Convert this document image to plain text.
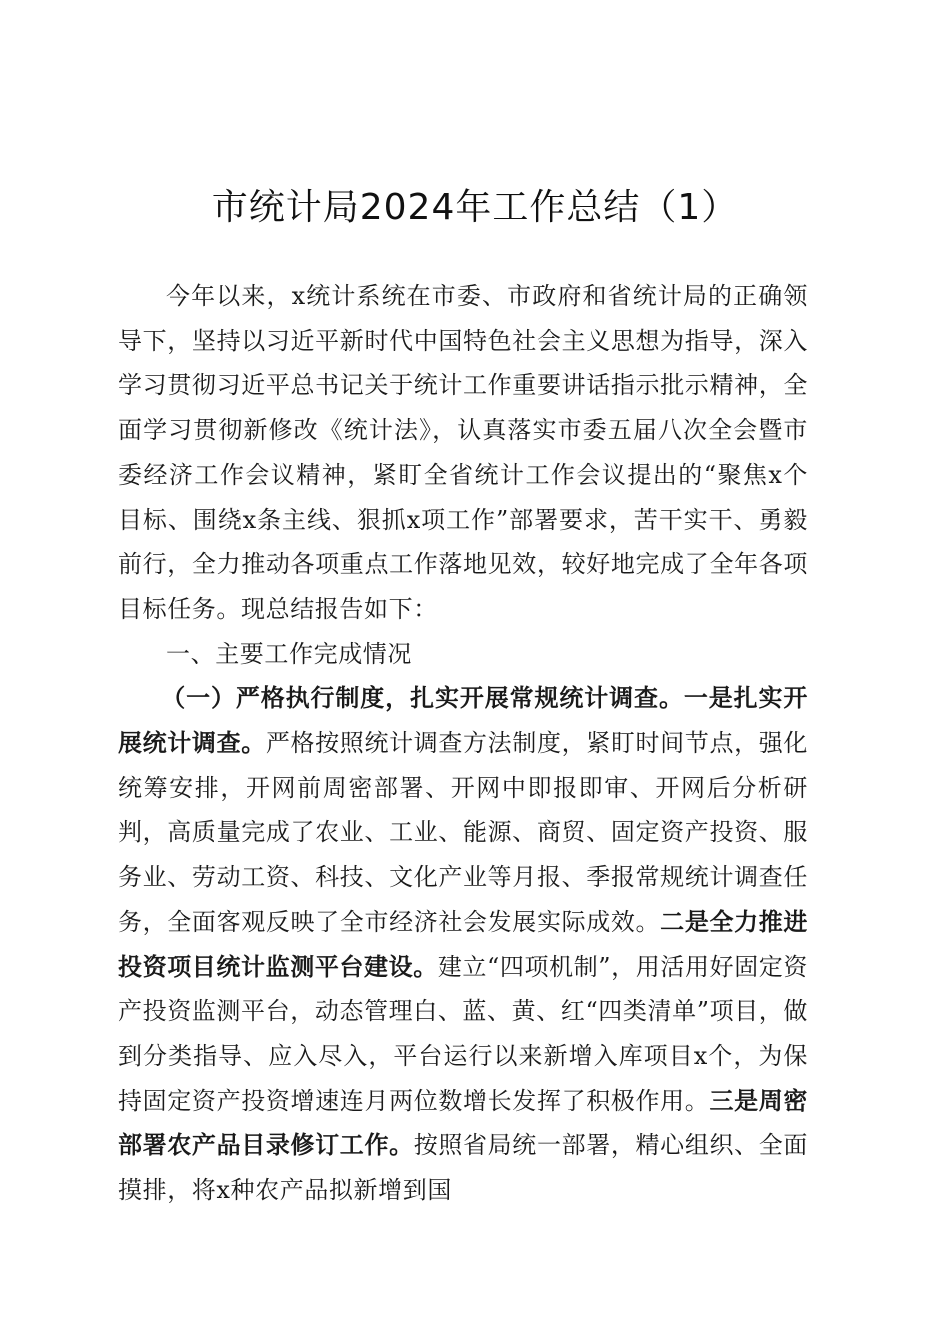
市统计局2024年工作总结（1）

今年以来，x统计系统在市委、市政府和省统计局的正确领导下，坚持以习近平新时代中国特色社会主义思想为指导，深入学习贯彻习近平总书记关于统计工作重要讲话指示批示精神，全面学习贯彻新修改《统计法》，认真落实市委五届八次全会暨市委经济工作会议精神，紧盯全省统计工作会议提出的“聚焦x个目标、围绕x条主线、狠抓x项工作”部署要求，苦干实干、勇毅前行，全力推动各项重点工作落地见效，较好地完成了全年各项目标任务。现总结报告如下：

一、主要工作完成情况

（一）严格执行制度，扎实开展常规统计调查。一是扎实开展统计调查。严格按照统计调查方法制度，紧盯时间节点，强化统筹安排，开网前周密部署、开网中即报即审、开网后分析研判，高质量完成了农业、工业、能源、商贸、固定资产投资、服务业、劳动工资、科技、文化产业等月报、季报常规统计调查任务，全面客观反映了全市经济社会发展实际成效。二是全力推进投资项目统计监测平台建设。建立“四项机制”，用活用好固定资产投资监测平台，动态管理白、蓝、黄、红“四类清单”项目，做到分类指导、应入尽入，平台运行以来新增入库项目x个，为保持固定资产投资增速连月两位数增长发挥了积极作用。三是周密部署农产品目录修订工作。按照省局统一部署，精心组织、全面摸排，将x种农产品拟新增到国
